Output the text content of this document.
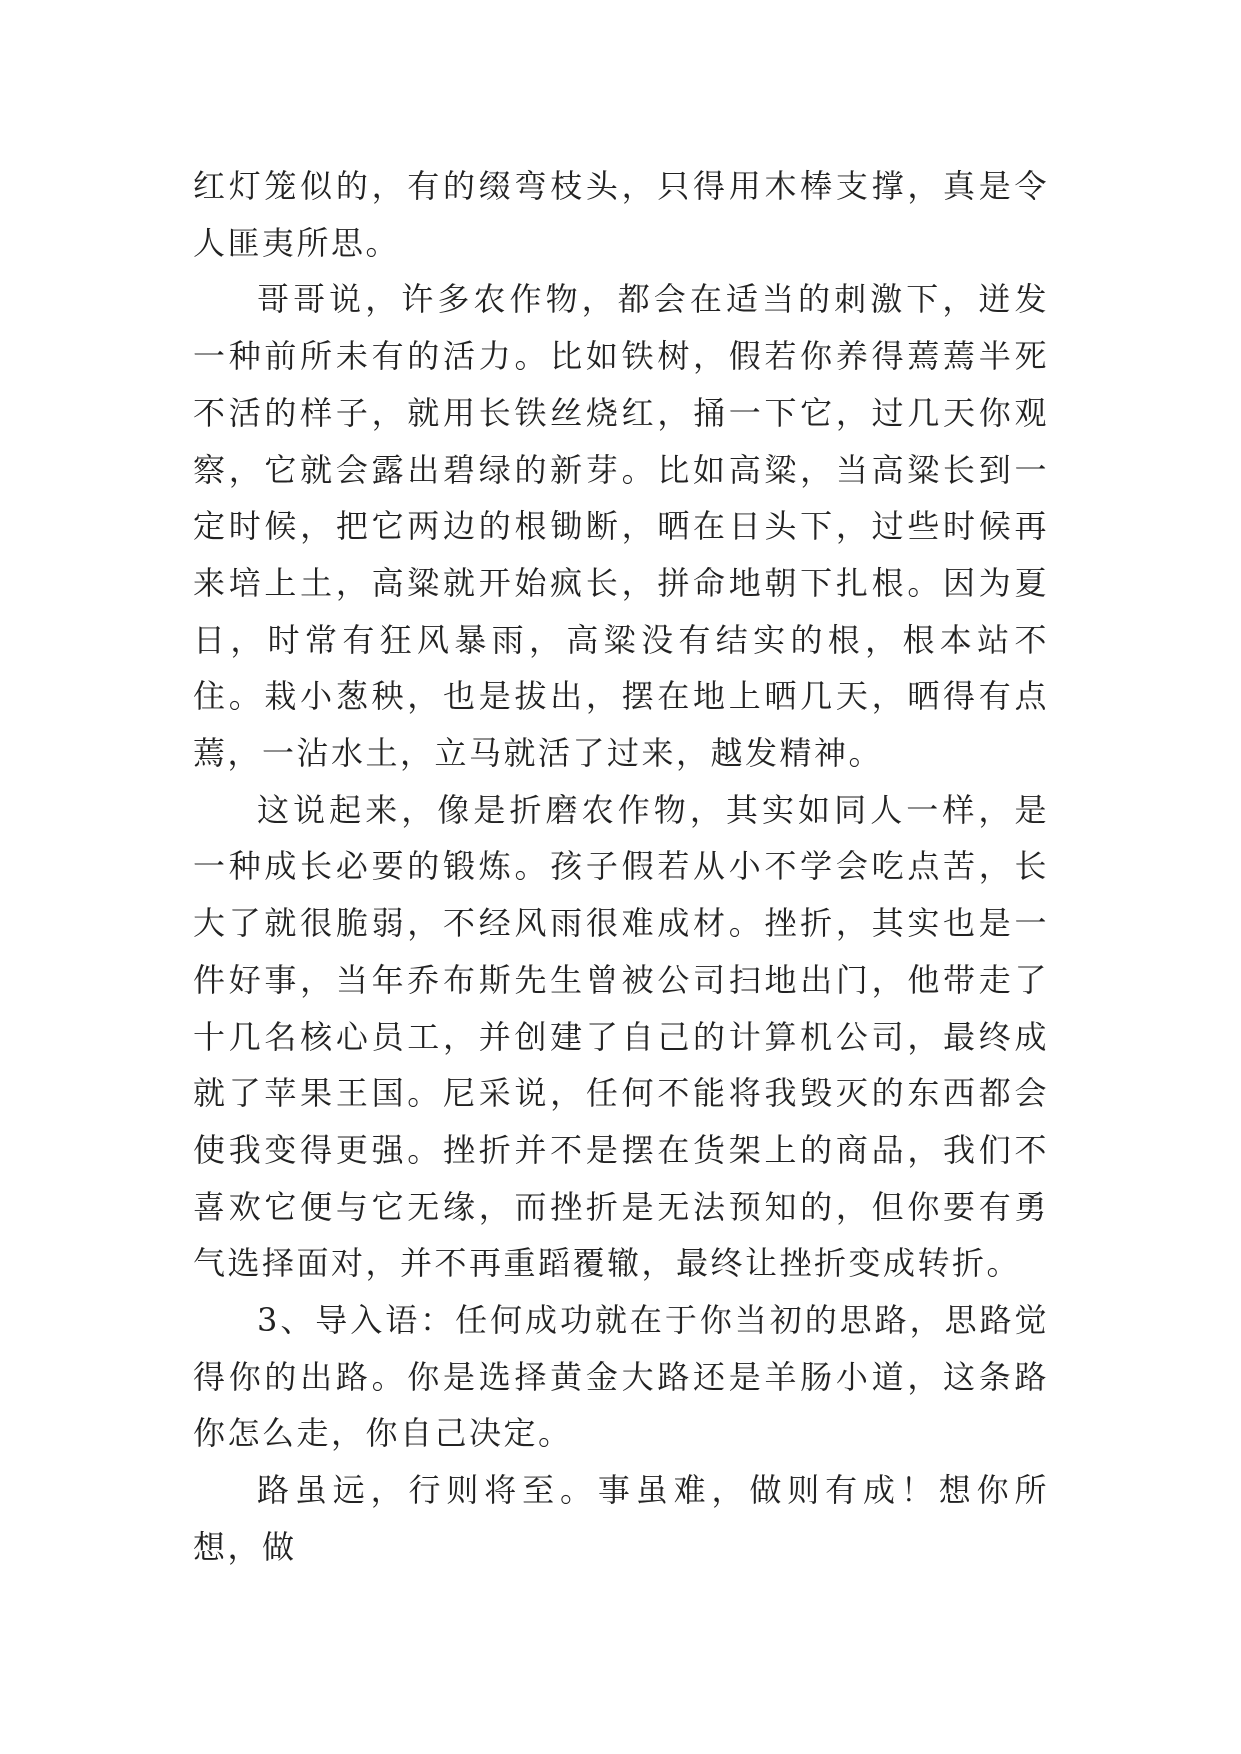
红灯笼似的，有的缀弯枝头，只得用木棒支撑，真是令人匪夷所思。

哥哥说，许多农作物，都会在适当的刺激下，迸发一种前所未有的活力。比如铁树，假若你养得蔫蔫半死不活的样子，就用长铁丝烧红，捅一下它，过几天你观察，它就会露出碧绿的新芽。比如高粱，当高粱长到一定时候，把它两边的根锄断，晒在日头下，过些时候再来培上土，高粱就开始疯长，拼命地朝下扎根。因为夏日，时常有狂风暴雨，高粱没有结实的根，根本站不住。栽小葱秧，也是拔出，摆在地上晒几天，晒得有点蔫，一沾水土，立马就活了过来，越发精神。

这说起来，像是折磨农作物，其实如同人一样，是一种成长必要的锻炼。孩子假若从小不学会吃点苦，长大了就很脆弱，不经风雨很难成材。挫折，其实也是一件好事，当年乔布斯先生曾被公司扫地出门，他带走了十几名核心员工，并创建了自己的计算机公司，最终成就了苹果王国。尼采说，任何不能将我毁灭的东西都会使我变得更强。挫折并不是摆在货架上的商品，我们不喜欢它便与它无缘，而挫折是无法预知的，但你要有勇气选择面对，并不再重蹈覆辙，最终让挫折变成转折。

3、导入语：任何成功就在于你当初的思路，思路觉得你的出路。你是选择黄金大路还是羊肠小道，这条路你怎么走，你自己决定。

路虽远，行则将至。事虽难，做则有成！想你所想，做
